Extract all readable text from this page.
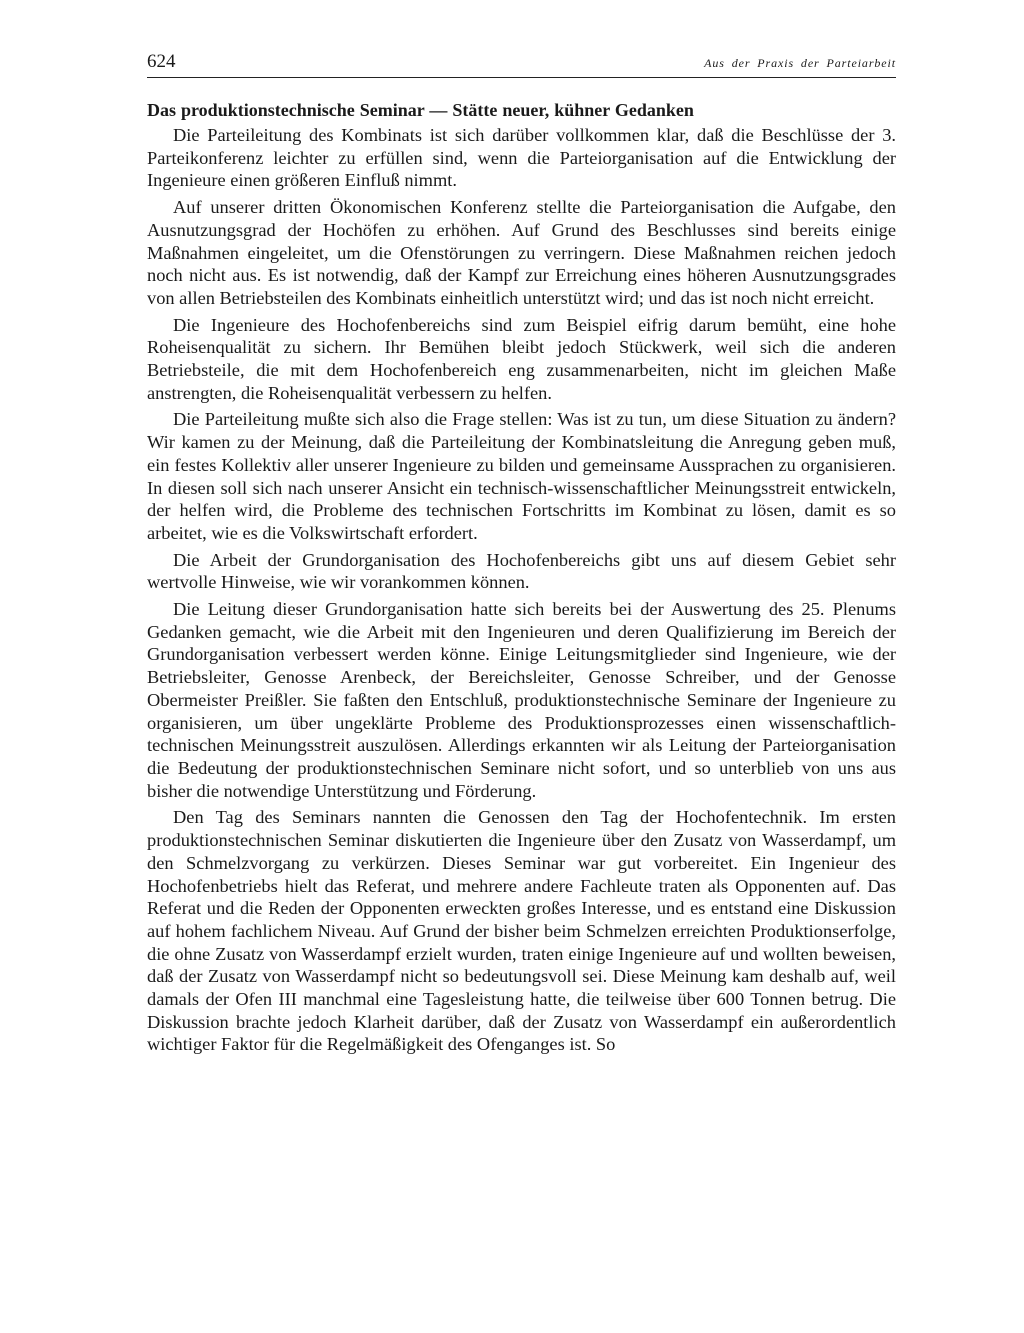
624	Aus der Praxis der Parteiarbeit
Das produktionstechnische Seminar — Stätte neuer, kühner Gedanken

Die Parteileitung des Kombinats ist sich darüber vollkommen klar, daß die Beschlüsse der 3. Parteikonferenz leichter zu erfüllen sind, wenn die Parteiorganisation auf die Entwicklung der Ingenieure einen größeren Einfluß nimmt.

Auf unserer dritten Ökonomischen Konferenz stellte die Parteiorganisation die Aufgabe, den Ausnutzungsgrad der Hochöfen zu erhöhen. Auf Grund des Beschlusses sind bereits einige Maßnahmen eingeleitet, um die Ofenstörungen zu verringern. Diese Maßnahmen reichen jedoch noch nicht aus. Es ist notwendig, daß der Kampf zur Erreichung eines höheren Ausnutzungsgrades von allen Betriebsteilen des Kombinats einheitlich unterstützt wird; und das ist noch nicht erreicht.

Die Ingenieure des Hochofenbereichs sind zum Beispiel eifrig darum bemüht, eine hohe Roheisenqualität zu sichern. Ihr Bemühen bleibt jedoch Stückwerk, weil sich die anderen Betriebsteile, die mit dem Hochofenbereich eng zusammenarbeiten, nicht im gleichen Maße anstrengten, die Roheisenqualität verbessern zu helfen.

Die Parteileitung mußte sich also die Frage stellen: Was ist zu tun, um diese Situation zu ändern? Wir kamen zu der Meinung, daß die Parteileitung der Kombinatsleitung die Anregung geben muß, ein festes Kollektiv aller unserer Ingenieure zu bilden und gemeinsame Aussprachen zu organisieren. In diesen soll sich nach unserer Ansicht ein technisch-wissenschaftlicher Meinungsstreit entwickeln, der helfen wird, die Probleme des technischen Fortschritts im Kombinat zu lösen, damit es so arbeitet, wie es die Volkswirtschaft erfordert.

Die Arbeit der Grundorganisation des Hochofenbereichs gibt uns auf diesem Gebiet sehr wertvolle Hinweise, wie wir vorankommen können.

Die Leitung dieser Grundorganisation hatte sich bereits bei der Auswertung des 25. Plenums Gedanken gemacht, wie die Arbeit mit den Ingenieuren und deren Qualifizierung im Bereich der Grundorganisation verbessert werden könne. Einige Leitungsmitglieder sind Ingenieure, wie der Betriebsleiter, Genosse Arenbeck, der Bereichsleiter, Genosse Schreiber, und der Genosse Obermeister Preißler. Sie faßten den Entschluß, produktionstechnische Seminare der Ingenieure zu organisieren, um über ungeklärte Probleme des Produktionsprozesses einen wissenschaftlich-technischen Meinungsstreit auszulösen. Allerdings erkannten wir als Leitung der Parteiorganisation die Bedeutung der produktionstechnischen Seminare nicht sofort, und so unterblieb von uns aus bisher die notwendige Unterstützung und Förderung.

Den Tag des Seminars nannten die Genossen den Tag der Hochofentechnik. Im ersten produktionstechnischen Seminar diskutierten die Ingenieure über den Zusatz von Wasserdampf, um den Schmelzvorgang zu verkürzen. Dieses Seminar war gut vorbereitet. Ein Ingenieur des Hochofenbetriebs hielt das Referat, und mehrere andere Fachleute traten als Opponenten auf. Das Referat und die Reden der Opponenten erweckten großes Interesse, und es entstand eine Diskussion auf hohem fachlichem Niveau. Auf Grund der bisher beim Schmelzen erreichten Produktionserfolge, die ohne Zusatz von Wasserdampf erzielt wurden, traten einige Ingenieure auf und wollten beweisen, daß der Zusatz von Wasserdampf nicht so bedeutungsvoll sei. Diese Meinung kam deshalb auf, weil damals der Ofen III manchmal eine Tagesleistung hatte, die teilweise über 600 Tonnen betrug. Die Diskussion brachte jedoch Klarheit darüber, daß der Zusatz von Wasserdampf ein außerordentlich wichtiger Faktor für die Regelmäßigkeit des Ofenganges ist. So
